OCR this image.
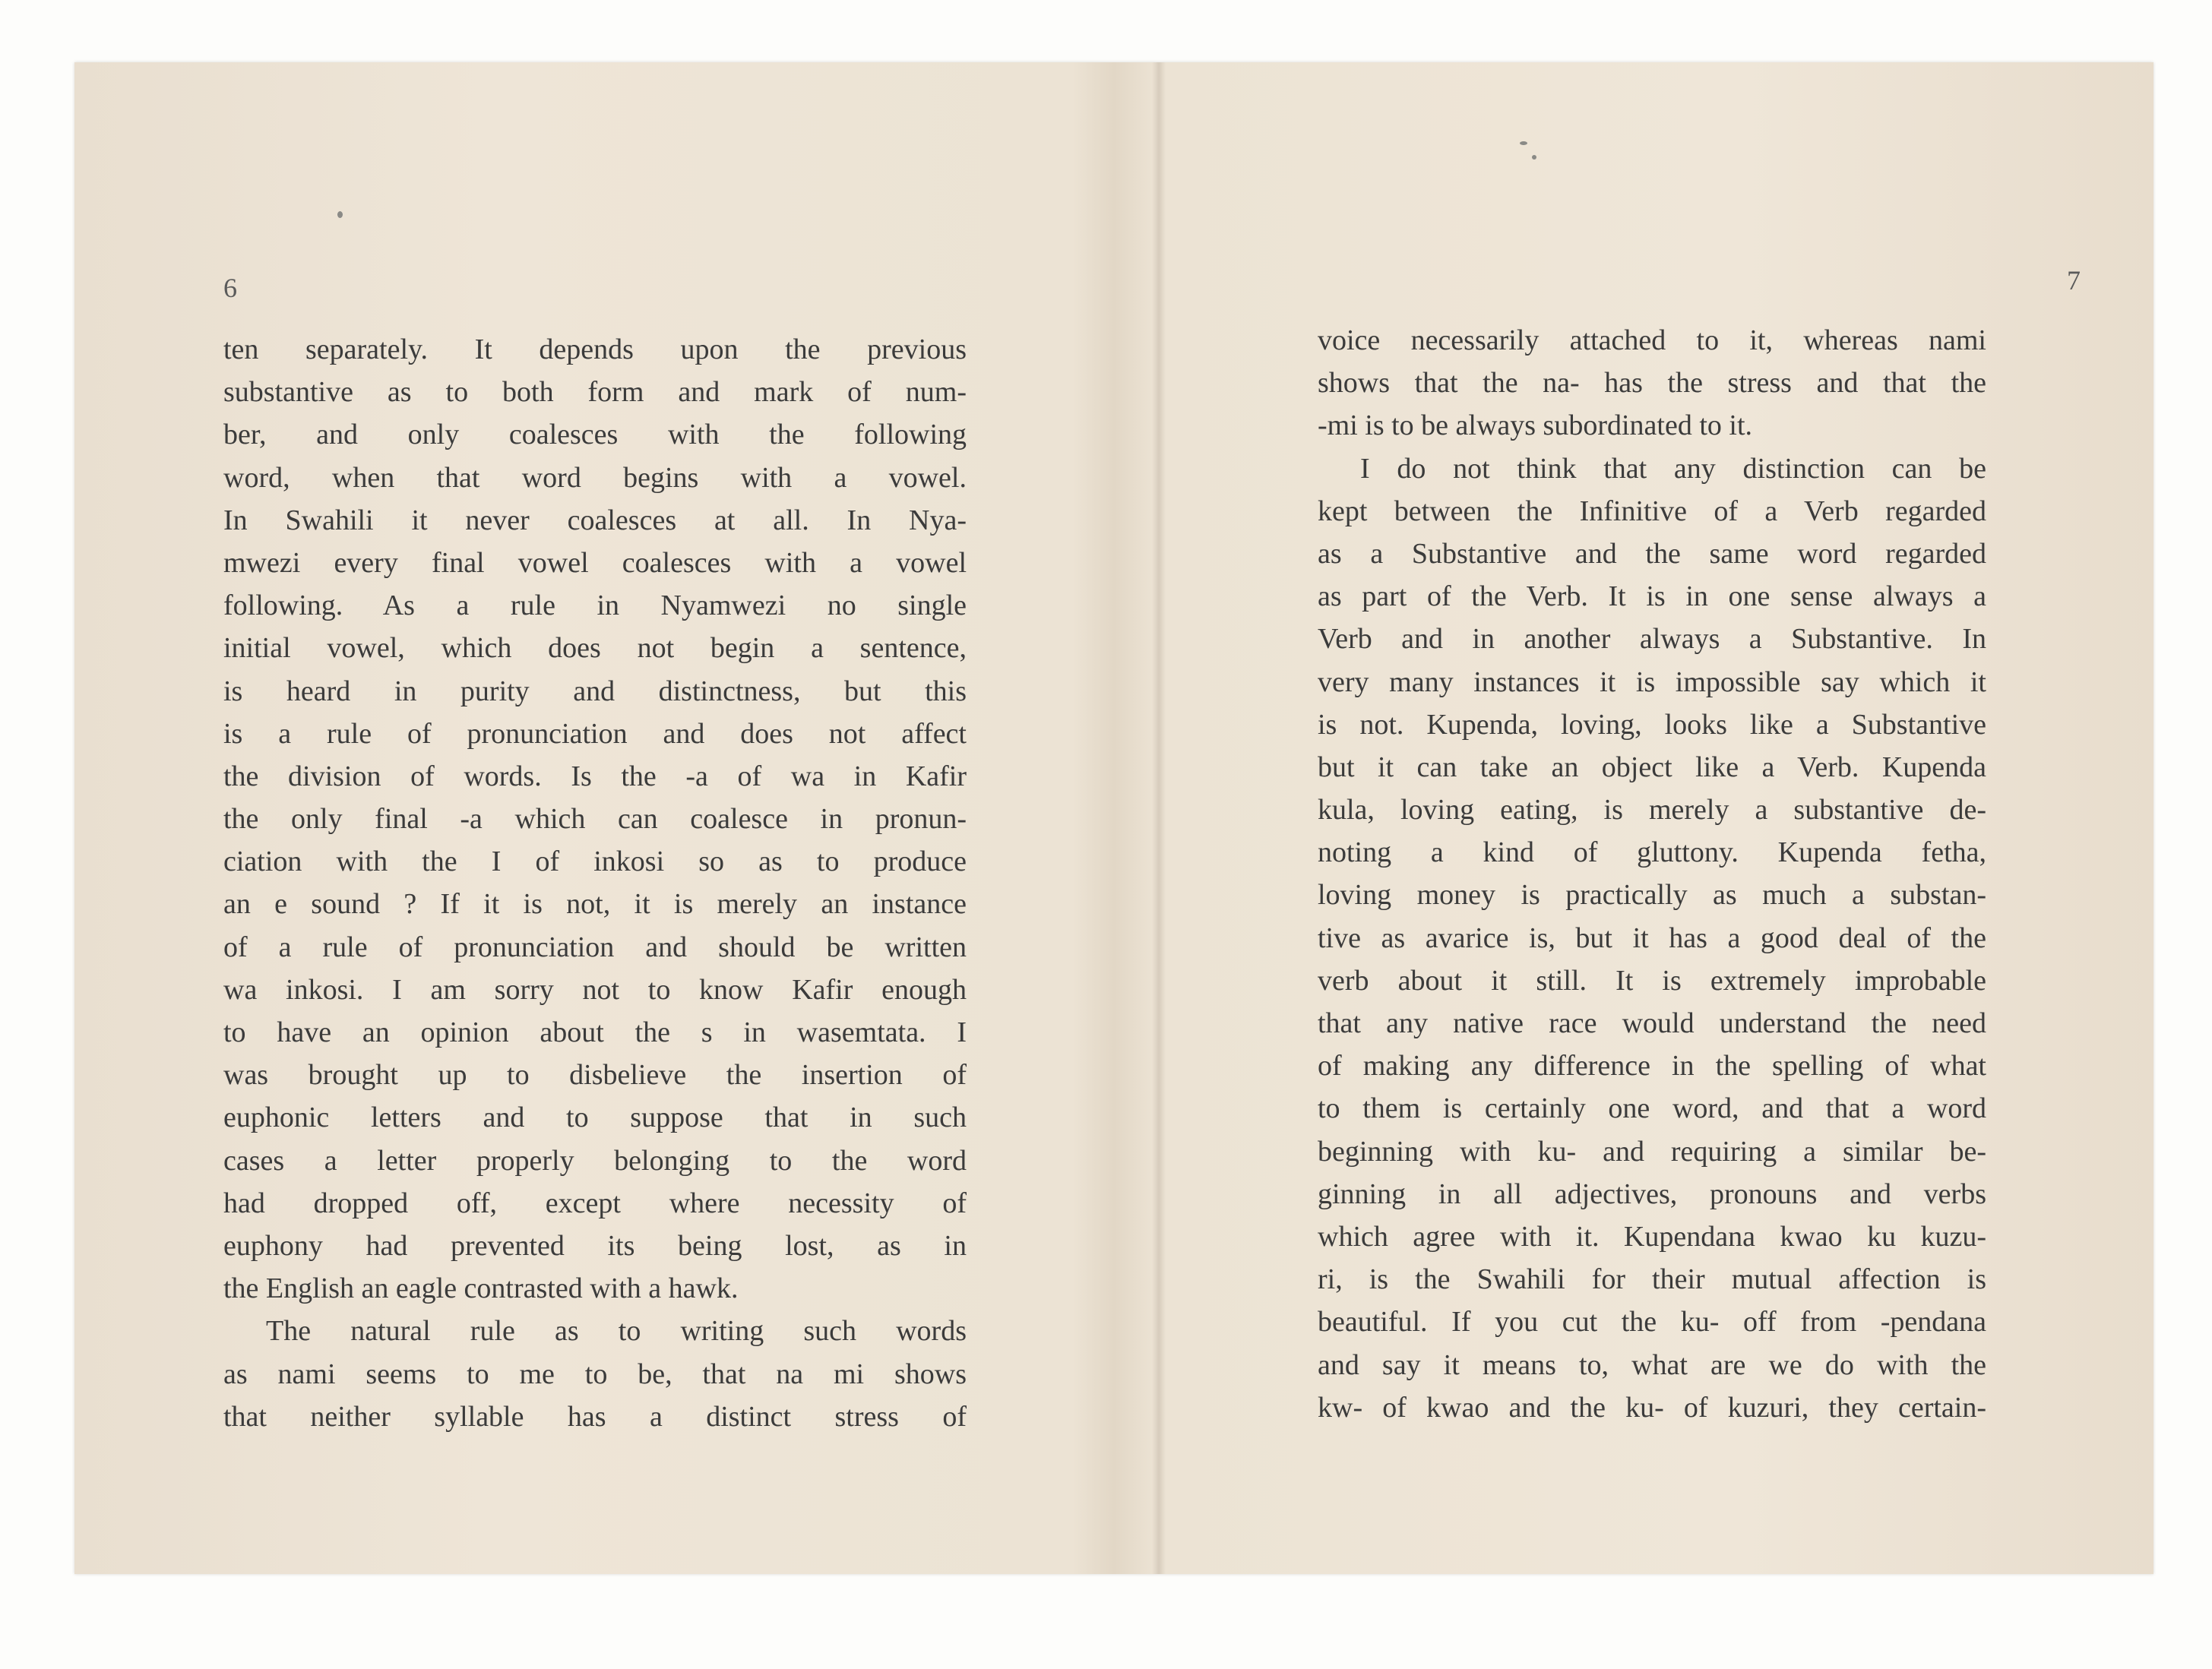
6
ten separately. It depends upon the previous
substantive as to both form and mark of num-
ber, and only coalesces with the following
word, when that word begins with a vowel.
In Swahili it never coalesces at all. In Nya-
mwezi every final vowel coalesces with a vowel
following. As a rule in Nyamwezi no single
initial vowel, which does not begin a sentence,
is heard in purity and distinctness, but this
is a rule of pronunciation and does not affect
the division of words. Is the -a of wa in Kafir
the only final -a which can coalesce in pronun-
ciation with the I of inkosi so as to produce
an e sound ? If it is not, it is merely an instance
of a rule of pronunciation and should be written
wa inkosi. I am sorry not to know Kafir enough
to have an opinion about the s in wasemtata. I
was brought up to disbelieve the insertion of
euphonic letters and to suppose that in such
cases a letter properly belonging to the word
had dropped off, except where necessity of
euphony had prevented its being lost, as in
the English an eagle contrasted with a hawk.
The natural rule as to writing such words
as nami seems to me to be, that na mi shows
that neither syllable has a distinct stress of
7
voice necessarily attached to it, whereas nami
shows that the na- has the stress and that the
-mi is to be always subordinated to it.
I do not think that any distinction can be
kept between the Infinitive of a Verb regarded
as a Substantive and the same word regarded
as part of the Verb. It is in one sense always a
Verb and in another always a Substantive. In
very many instances it is impossible say which it
is not. Kupenda, loving, looks like a Substantive
but it can take an object like a Verb. Kupenda
kula, loving eating, is merely a substantive de-
noting a kind of gluttony. Kupenda fetha,
loving money is practically as much a substan-
tive as avarice is, but it has a good deal of the
verb about it still. It is extremely improbable
that any native race would understand the need
of making any difference in the spelling of what
to them is certainly one word, and that a word
beginning with ku- and requiring a similar be-
ginning in all adjectives, pronouns and verbs
which agree with it. Kupendana kwao ku kuzu-
ri, is the Swahili for their mutual affection is
beautiful. If you cut the ku- off from -pendana
and say it means to, what are we do with the
kw- of kwao and the ku- of kuzuri, they certain-
